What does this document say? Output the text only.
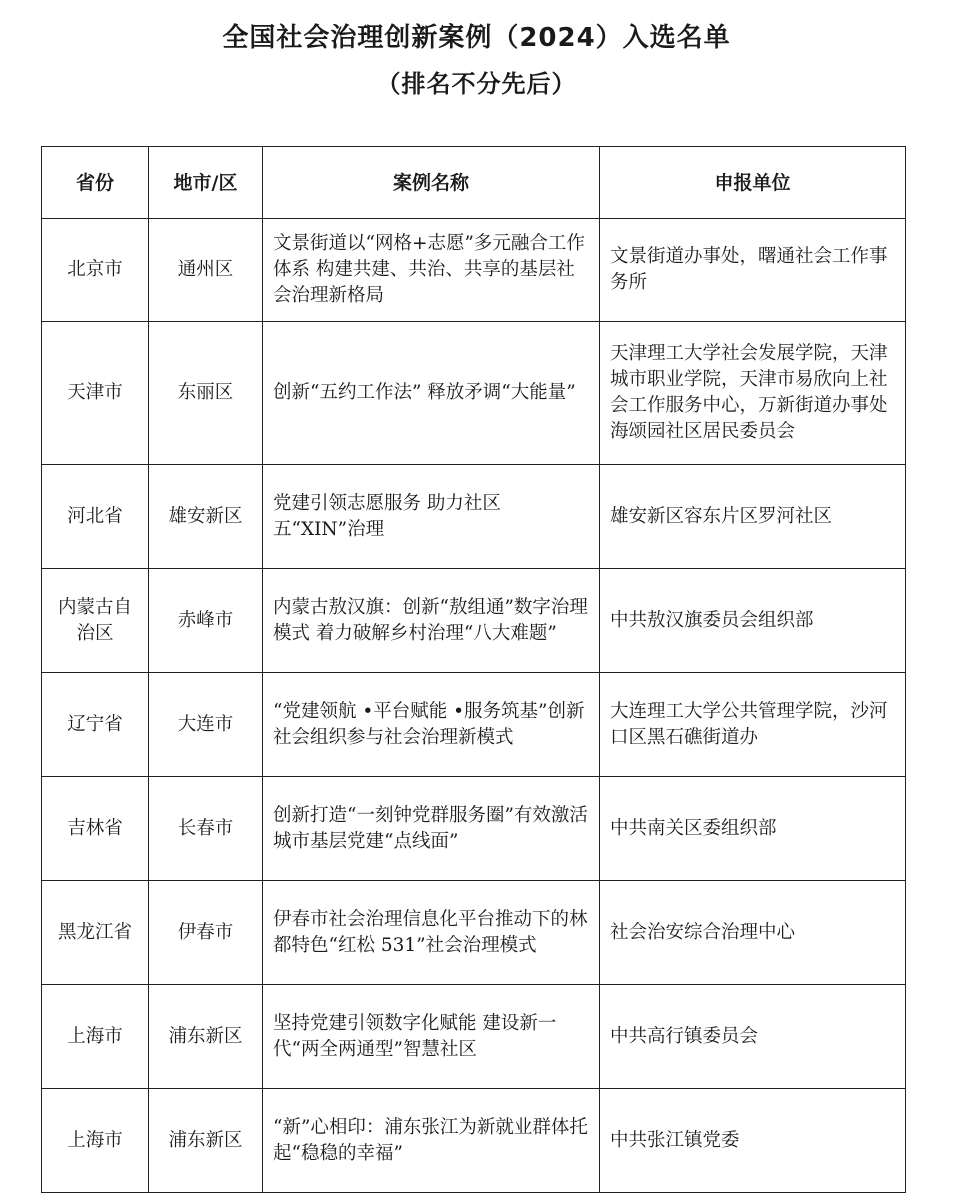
全国社会治理创新案例（2024）入选名单
（排名不分先后）
省份	地市/区	案例名称	申报单位
北京市	通州区	文景街道以“网格+志愿”多元融合工作体系 构建共建、共治、共享的基层社会治理新格局	文景街道办事处，曙通社会工作事务所
天津市	东丽区	创新“五约工作法” 释放矛调“大能量”	天津理工大学社会发展学院，天津城市职业学院，天津市易欣向上社会工作服务中心，万新街道办事处海颂园社区居民委员会
河北省	雄安新区	党建引领志愿服务 助力社区五“XIN”治理	雄安新区容东片区罗河社区
内蒙古自治区	赤峰市	内蒙古敖汉旗：创新“敖组通”数字治理模式 着力破解乡村治理“八大难题”	中共敖汉旗委员会组织部
辽宁省	大连市	“党建领航 •平台赋能 •服务筑基”创新社会组织参与社会治理新模式	大连理工大学公共管理学院，沙河口区黑石礁街道办
吉林省	长春市	创新打造“一刻钟党群服务圈”有效激活城市基层党建“点线面”	中共南关区委组织部
黑龙江省	伊春市	伊春市社会治理信息化平台推动下的林都特色“红松 531”社会治理模式	社会治安综合治理中心
上海市	浦东新区	坚持党建引领数字化赋能 建设新一代“两全两通型”智慧社区	中共高行镇委员会
上海市	浦东新区	“新”心相印：浦东张江为新就业群体托起“稳稳的幸福”	中共张江镇党委
